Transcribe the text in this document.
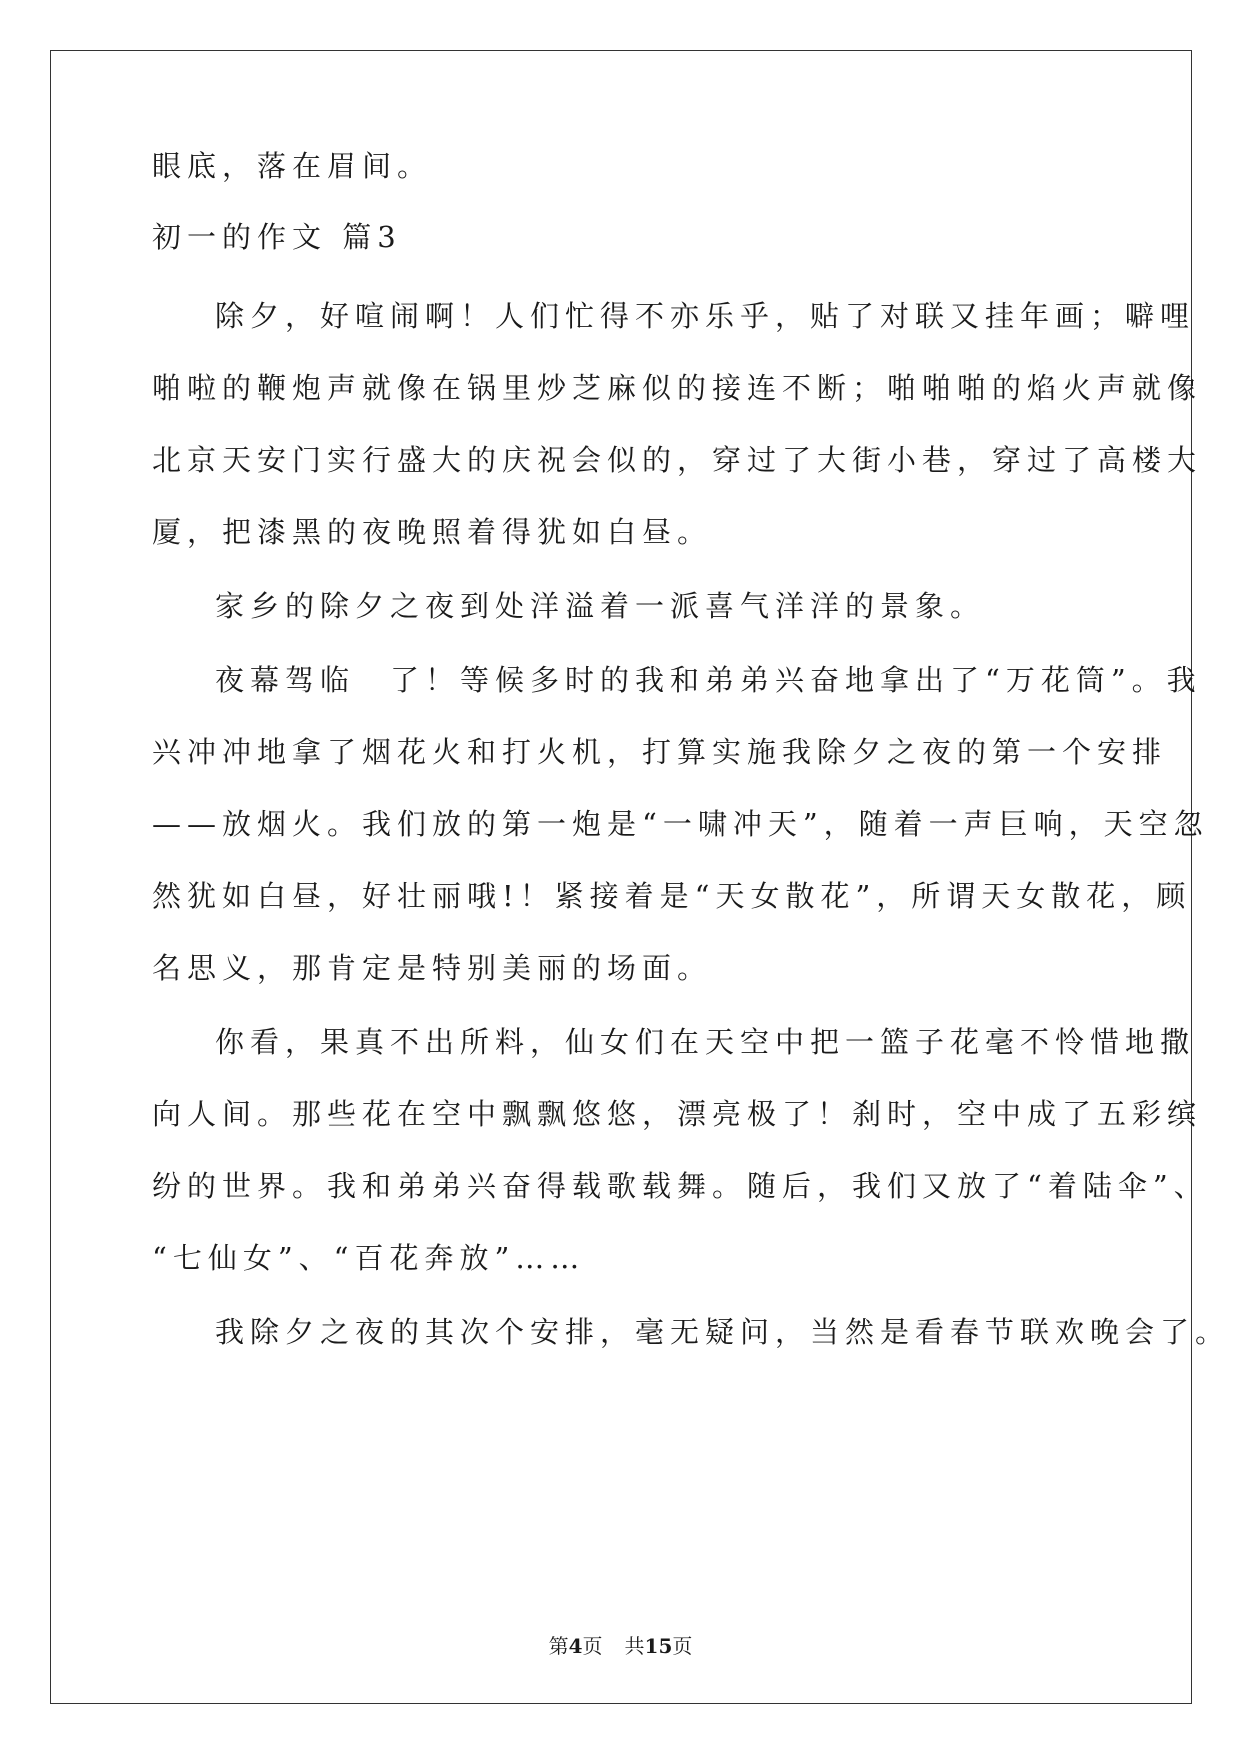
眼底，落在眉间。
初一的作文 篇3
除夕，好喧闹啊！人们忙得不亦乐乎，贴了对联又挂年画；噼哩
啪啦的鞭炮声就像在锅里炒芝麻似的接连不断；啪啪啪的焰火声就像
北京天安门实行盛大的庆祝会似的，穿过了大街小巷，穿过了高楼大
厦，把漆黑的夜晚照着得犹如白昼。
家乡的除夕之夜到处洋溢着一派喜气洋洋的景象。
夜幕驾临　了！等候多时的我和弟弟兴奋地拿出了“万花筒”。我
兴冲冲地拿了烟花火和打火机，打算实施我除夕之夜的第一个安排
——放烟火。我们放的第一炮是“一啸冲天”，随着一声巨响，天空忽
然犹如白昼，好壮丽哦!！紧接着是“天女散花”，所谓天女散花，顾
名思义，那肯定是特别美丽的场面。
你看，果真不出所料，仙女们在天空中把一篮子花毫不怜惜地撒
向人间。那些花在空中飘飘悠悠，漂亮极了！刹时，空中成了五彩缤
纷的世界。我和弟弟兴奋得载歌载舞。随后，我们又放了“着陆伞”、
“七仙女”、“百花奔放”……
我除夕之夜的其次个安排，毫无疑问，当然是看春节联欢晚会了。
第4页 共15页
